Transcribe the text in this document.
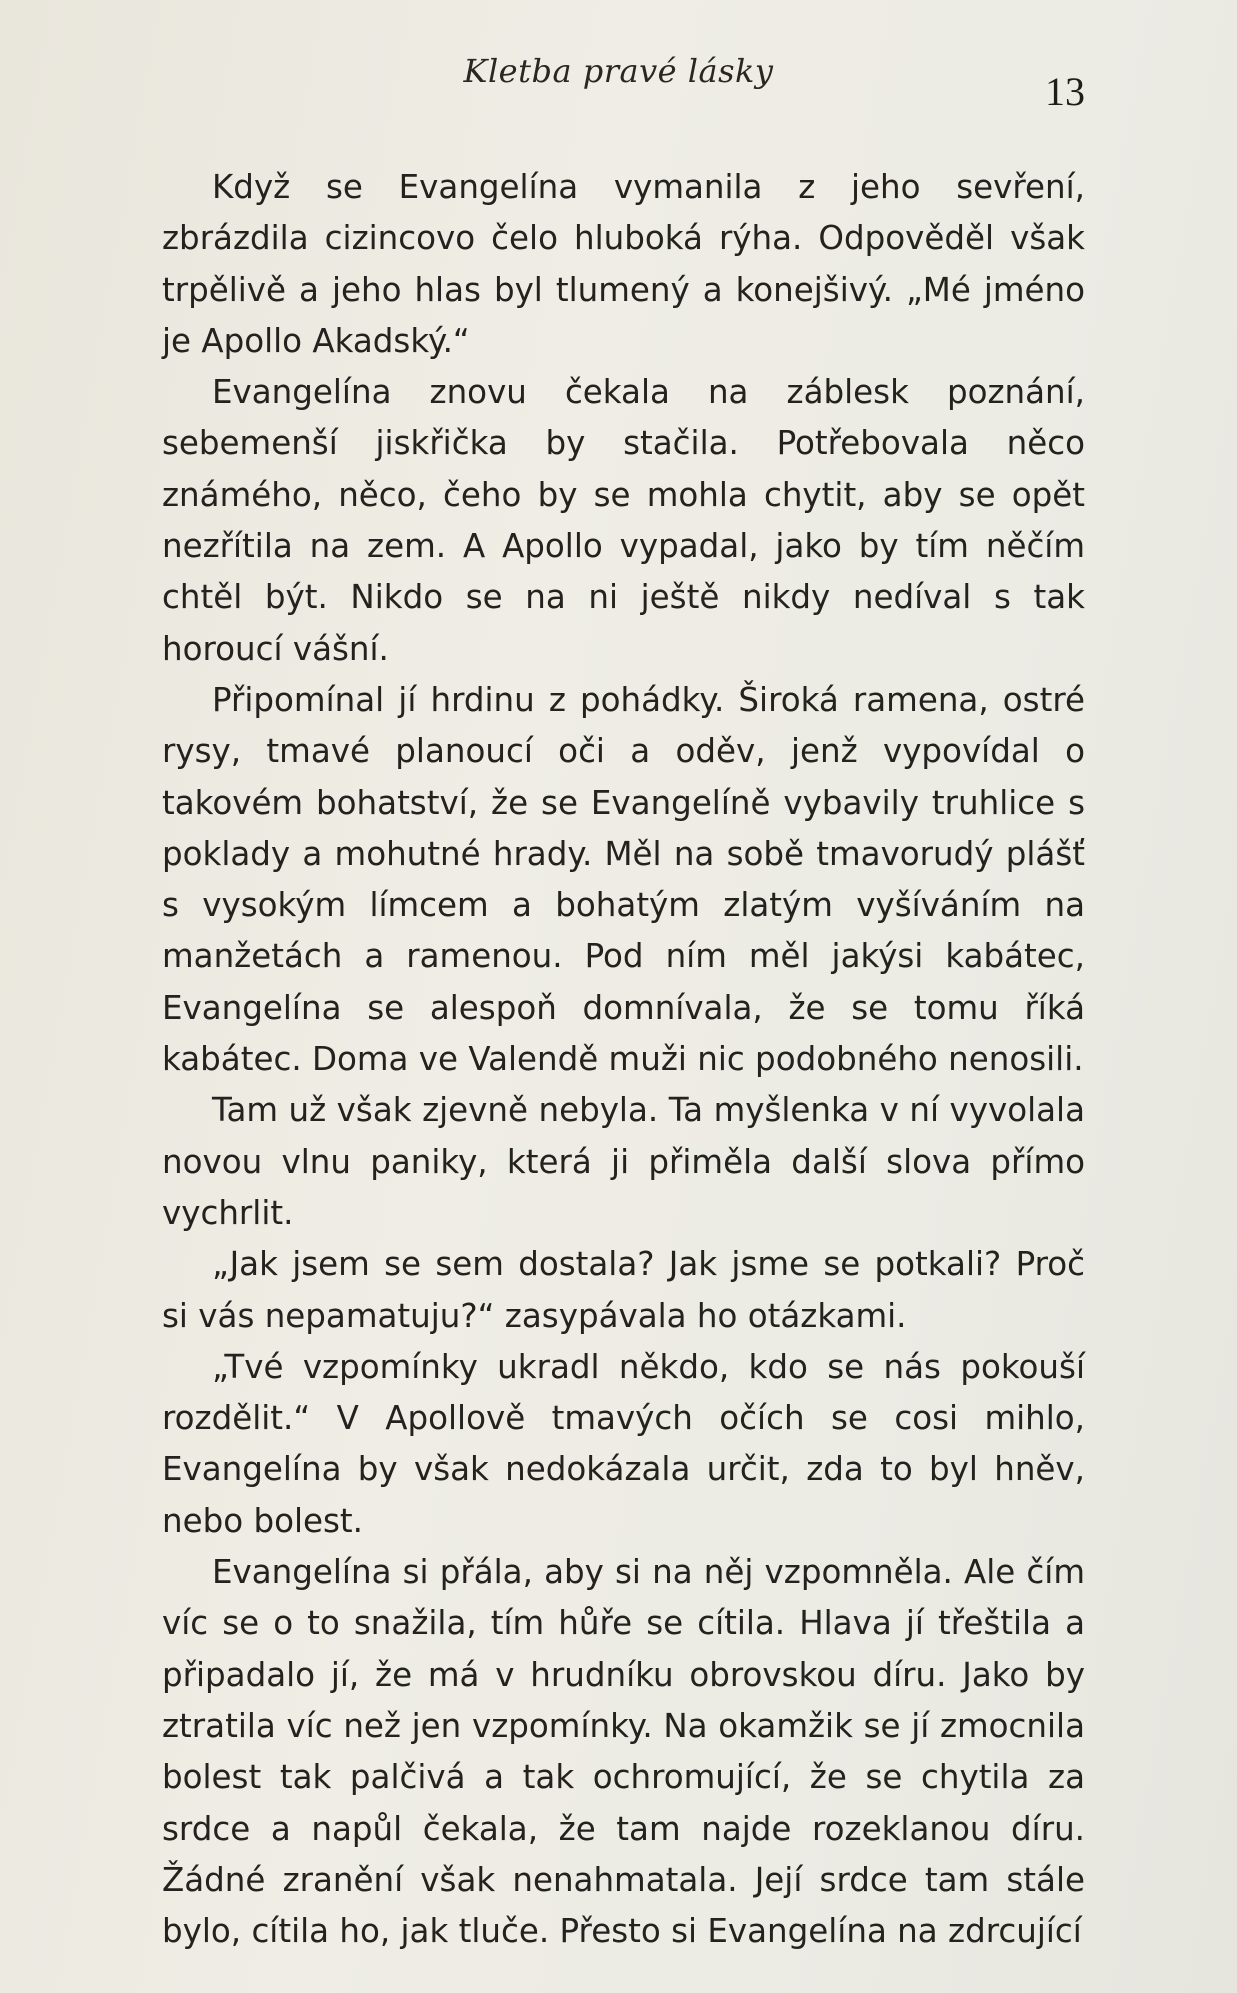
Kletba pravé lásky	13

Když se Evangelína vymanila z jeho sevření, zbrázdila cizincovo čelo hluboká rýha. Odpověděl však trpělivě a jeho hlas byl tlumený a konejšivý. „Mé jméno je Apollo Akadský.“

Evangelína znovu čekala na záblesk poznání, sebemenší jiskřička by stačila. Potřebovala něco známého, něco, čeho by se mohla chytit, aby se opět nezřítila na zem. A Apollo vypadal, jako by tím něčím chtěl být. Nikdo se na ni ještě nikdy nedíval s tak horoucí vášní.

Připomínal jí hrdinu z pohádky. Široká ramena, ostré rysy, tmavé planoucí oči a oděv, jenž vypovídal o takovém bohatství, že se Evangelíně vybavily truhlice s poklady a mohutné hrady. Měl na sobě tmavorudý plášť s vysokým límcem a bohatým zlatým vyšíváním na manžetách a ramenou. Pod ním měl jakýsi kabátec, Evangelína se alespoň domnívala, že se tomu říká kabátec. Doma ve Valendě muži nic podobného nenosili.

Tam už však zjevně nebyla. Ta myšlenka v ní vyvolala novou vlnu paniky, která ji přiměla další slova přímo vychrlit.

„Jak jsem se sem dostala? Jak jsme se potkali? Proč si vás nepamatuju?“ zasypávala ho otázkami.

„Tvé vzpomínky ukradl někdo, kdo se nás pokouší rozdělit.“ V Apollově tmavých očích se cosi mihlo, Evangelína by však nedokázala určit, zda to byl hněv, nebo bolest.

Evangelína si přála, aby si na něj vzpomněla. Ale čím víc se o to snažila, tím hůře se cítila. Hlava jí třeštila a připadalo jí, že má v hrudníku obrovskou díru. Jako by ztratila víc než jen vzpomínky. Na okamžik se jí zmocnila bolest tak palčivá a tak ochromující, že se chytila za srdce a napůl čekala, že tam najde rozeklanou díru. Žádné zranění však nenahmatala. Její srdce tam stále bylo, cítila ho, jak tluče. Přesto si Evangelína na zdrcující
